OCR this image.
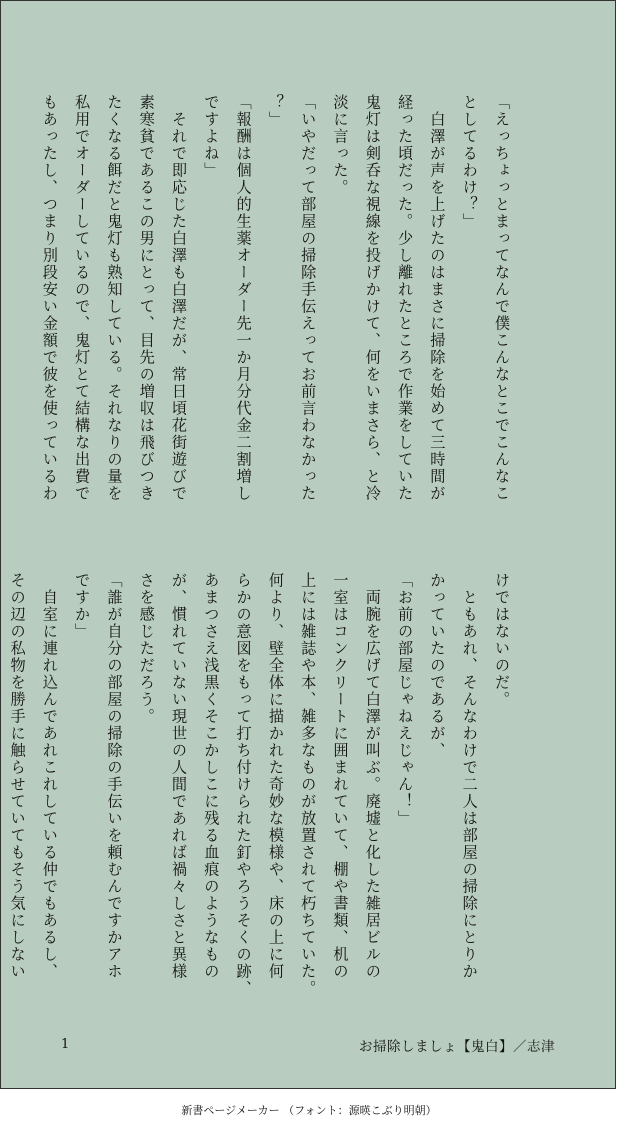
「えっちょっとまってなんで僕こんなとこでこんなこ
としてるわけ？」
　白澤が声を上げたのはまさに掃除を始めて三時間が
経った頃だった。少し離れたところで作業をしていた
鬼灯は剣呑な視線を投げかけて、何をいまさら、と冷
淡に言った。
「いやだって部屋の掃除手伝えってお前言わなかった
？」
「報酬は個人的生薬オーダー先一か月分代金二割増し
ですよね」
　それで即応じた白澤も白澤だが、常日頃花街遊びで
素寒貧であるこの男にとって、目先の増収は飛びつき
たくなる餌だと鬼灯も熟知している。それなりの量を
私用でオーダーしているので、鬼灯とて結構な出費で
もあったし、つまり別段安い金額で彼を使っているわ
けではないのだ。
　ともあれ、そんなわけで二人は部屋の掃除にとりか
かっていたのであるが、
「お前の部屋じゃねえじゃん！」
　両腕を広げて白澤が叫ぶ。廃墟と化した雑居ビルの
一室はコンクリートに囲まれていて、棚や書類、机の
上には雑誌や本、雑多なものが放置されて朽ちていた。
何より、壁全体に描かれた奇妙な模様や、床の上に何
らかの意図をもって打ち付けられた釘やろうそくの跡、
あまつさえ浅黒くそこかしこに残る血痕のようなもの
が、慣れていない現世の人間であれば禍々しさと異様
さを感じただろう。
「誰が自分の部屋の掃除の手伝いを頼むんですかアホ
ですか」
　自室に連れ込んであれこれしている仲でもあるし、
その辺の私物を勝手に触らせていてもそう気にしない
1	お掃除しましょ【鬼白】／志津
新書ページメーカー （フォント：源暎こぶり明朝）
